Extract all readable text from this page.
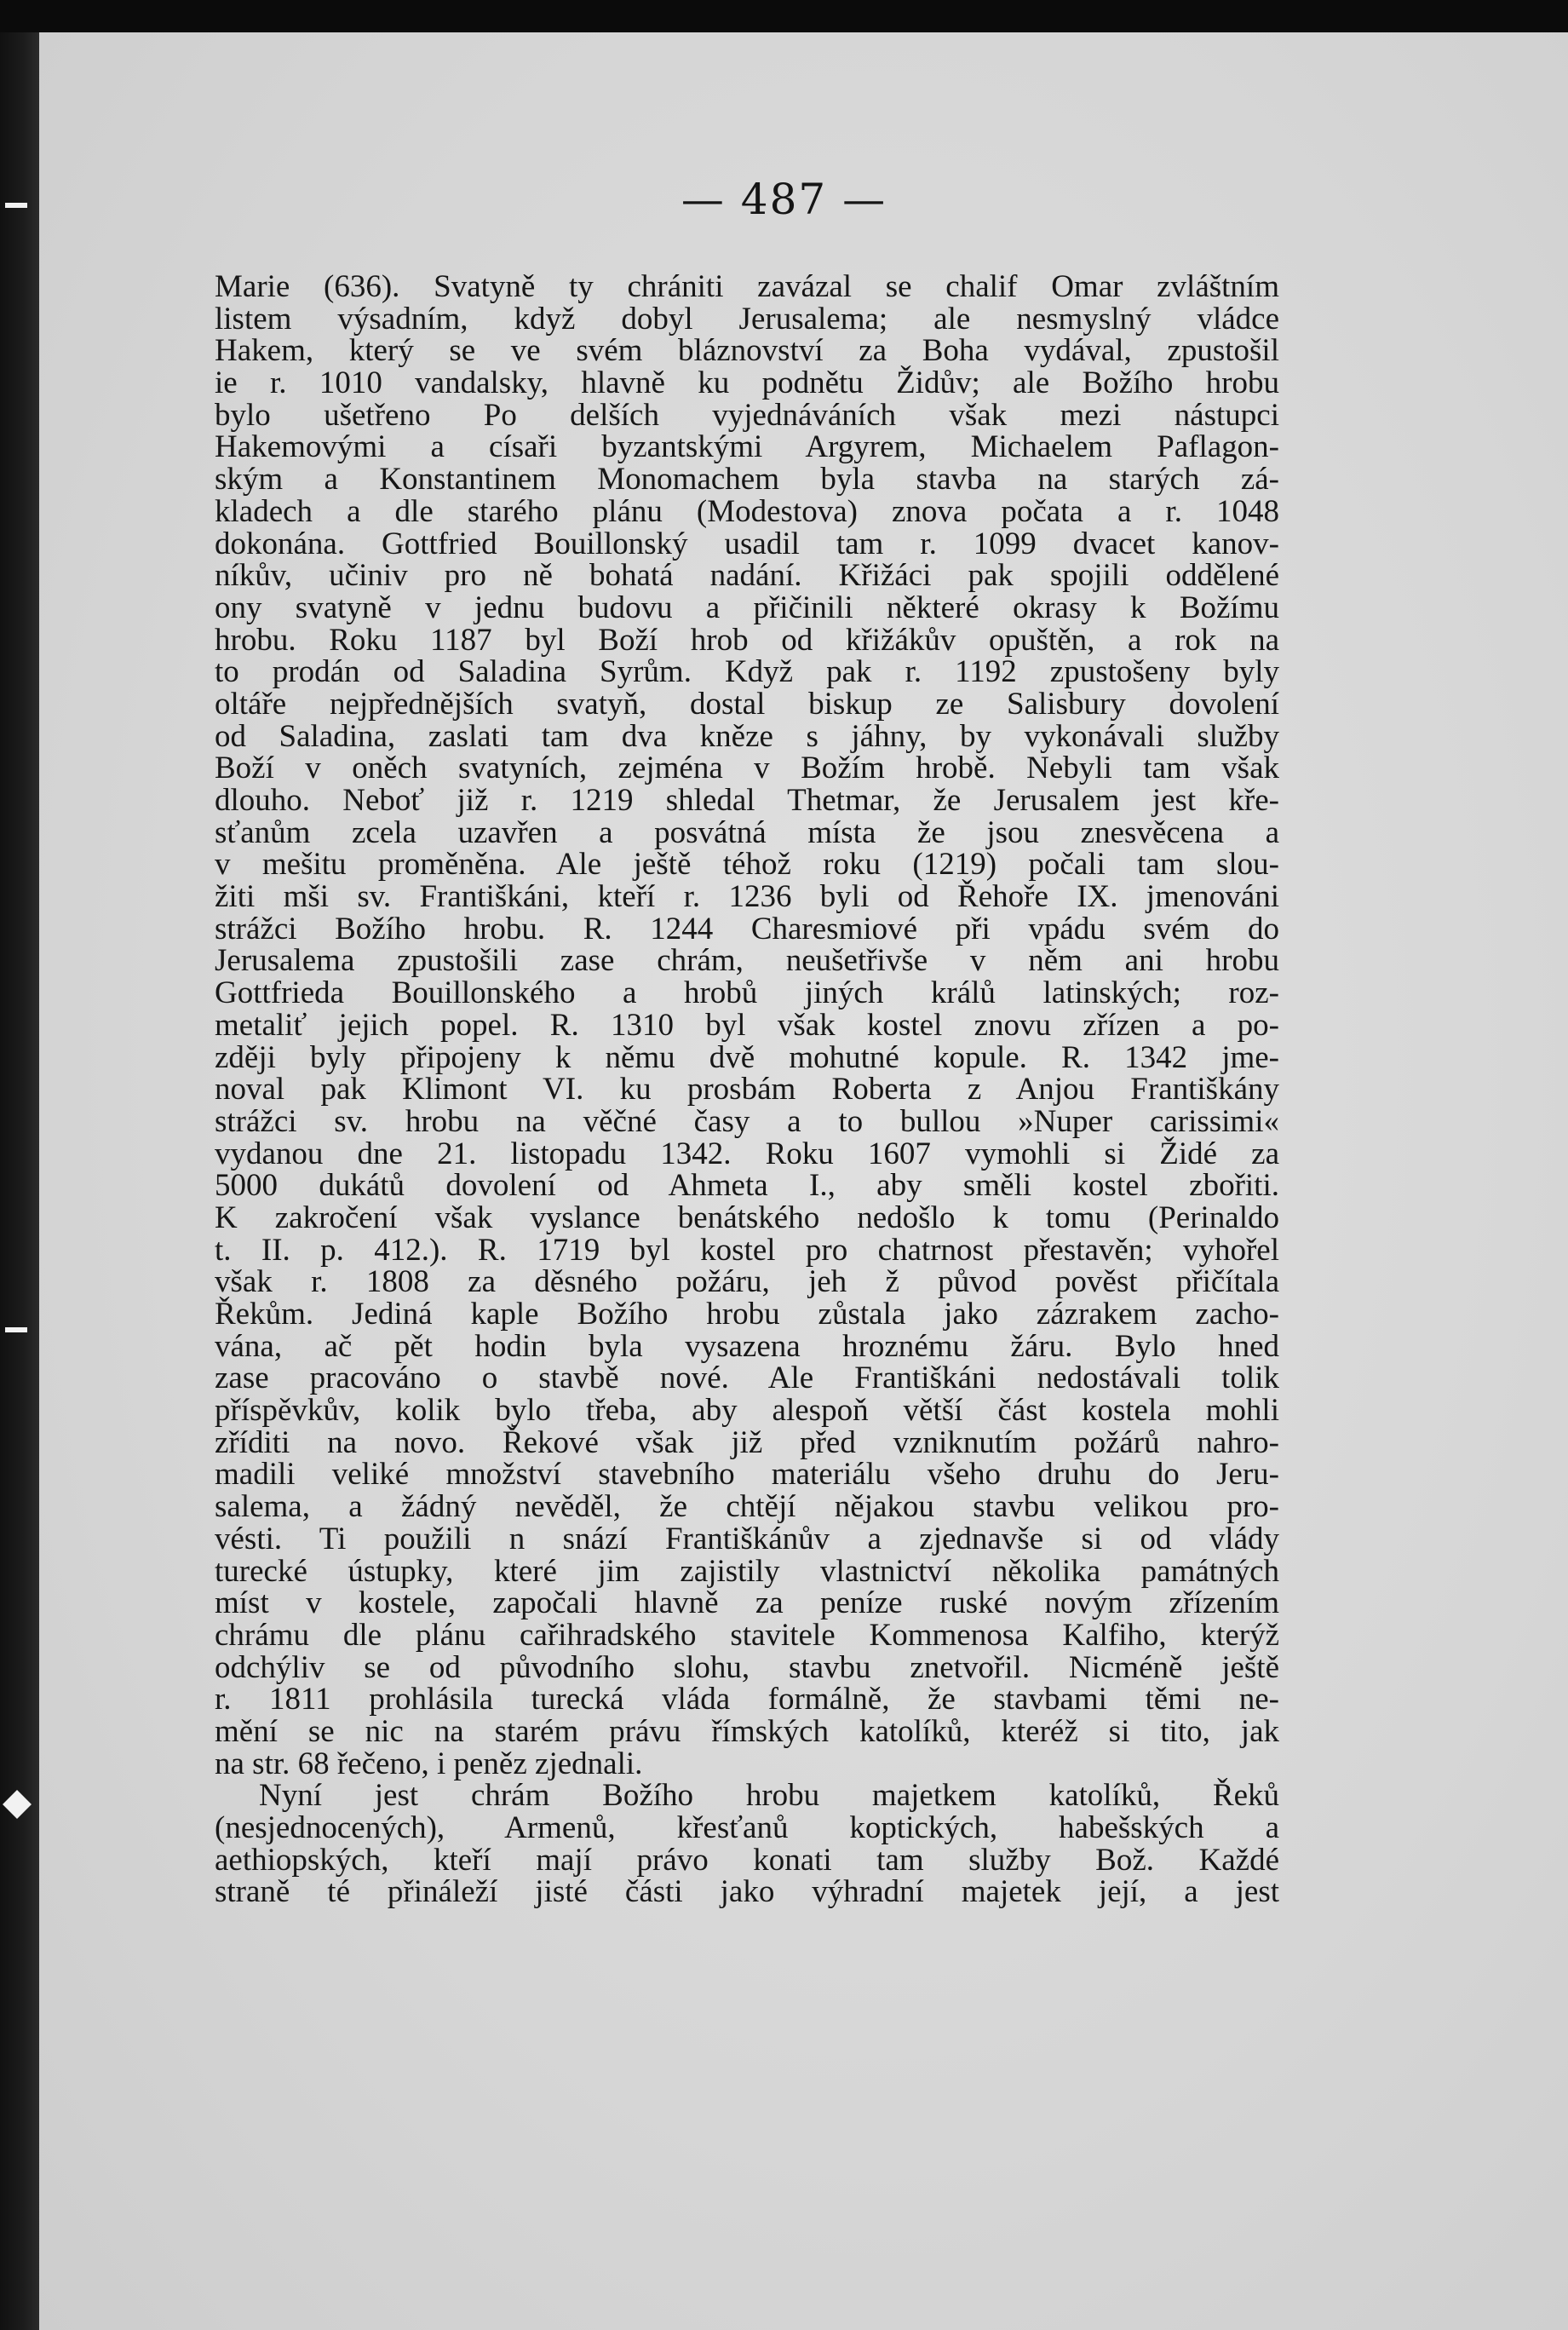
— 487 —
Marie (636). Svatyně ty chrániti zavázal se chalif Omar zvláštním
listem výsadním, když dobyl Jerusalema; ale nesmyslný vládce
Hakem, který se ve svém bláznovství za Boha vydával, zpustošil
ie r. 1010 vandalsky, hlavně ku podnětu Židův; ale Božího hrobu
bylo ušetřeno Po delších vyjednáváních však mezi nástupci
Hakemovými a císaři byzantskými Argyrem, Michaelem Paflagon-
ským a Konstantinem Monomachem byla stavba na starých zá-
kladech a dle starého plánu (Modestova) znova počata a r. 1048
dokonána. Gottfried Bouillonský usadil tam r. 1099 dvacet kanov-
níkův, učiniv pro ně bohatá nadání. Křižáci pak spojili oddělené
ony svatyně v jednu budovu a přičinili některé okrasy k Božímu
hrobu. Roku 1187 byl Boží hrob od křižákův opuštěn, a rok na
to prodán od Saladina Syrům. Když pak r. 1192 zpustošeny byly
oltáře nejpřednějších svatyň, dostal biskup ze Salisbury dovolení
od Saladina, zaslati tam dva kněze s jáhny, by vykonávali služby
Boží v oněch svatyních, zejména v Božím hrobě. Nebyli tam však
dlouho. Neboť již r. 1219 shledal Thetmar, že Jerusalem jest kře-
sťanům zcela uzavřen a posvátná místa že jsou znesvěcena a
v mešitu proměněna. Ale ještě téhož roku (1219) počali tam slou-
žiti mši sv. Františkáni, kteří r. 1236 byli od Řehoře IX. jmenováni
strážci Božího hrobu. R. 1244 Charesmiové při vpádu svém do
Jerusalema zpustošili zase chrám, neušetřivše v něm ani hrobu
Gottfrieda Bouillonského a hrobů jiných králů latinských; roz-
metaliť jejich popel. R. 1310 byl však kostel znovu zřízen a po-
zději byly připojeny k němu dvě mohutné kopule. R. 1342 jme-
noval pak Klimont VI. ku prosbám Roberta z Anjou Františkány
strážci sv. hrobu na věčné časy a to bullou »Nuper carissimi«
vydanou dne 21. listopadu 1342. Roku 1607 vymohli si Židé za
5000 dukátů dovolení od Ahmeta I., aby směli kostel zbořiti.
K zakročení však vyslance benátského nedošlo k tomu (Perinaldo
t. II. p. 412.). R. 1719 byl kostel pro chatrnost přestavěn; vyhořel
však r. 1808 za děsného požáru, jeh ž původ pověst přičítala
Řekům. Jediná kaple Božího hrobu zůstala jako zázrakem zacho-
vána, ač pět hodin byla vysazena hroznému žáru. Bylo hned
zase pracováno o stavbě nové. Ale Františkáni nedostávali tolik
příspěvkův, kolik bylo třeba, aby alespoň větší část kostela mohli
zříditi na novo. Řekové však již před vzniknutím požárů nahro-
madili veliké množství stavebního materiálu všeho druhu do Jeru-
salema, a žádný nevěděl, že chtějí nějakou stavbu velikou pro-
vésti. Ti použili n snází Františkánův a zjednavše si od vlády
turecké ústupky, které jim zajistily vlastnictví několika památných
míst v kostele, započali hlavně za peníze ruské novým zřízením
chrámu dle plánu cařihradského stavitele Kommenosa Kalfiho, kterýž
odchýliv se od původního slohu, stavbu znetvořil. Nicméně ještě
r. 1811 prohlásila turecká vláda formálně, že stavbami těmi ne-
mění se nic na starém právu římských katolíků, kteréž si tito, jak
na str. 68 řečeno, i peněz zjednali.
Nyní jest chrám Božího hrobu majetkem katolíků, Řeků
(nesjednocených), Armenů, křesťanů koptických, habešských a
aethiopských, kteří mají právo konati tam služby Bož. Každé
straně té přináleží jisté části jako výhradní majetek její, a jest
